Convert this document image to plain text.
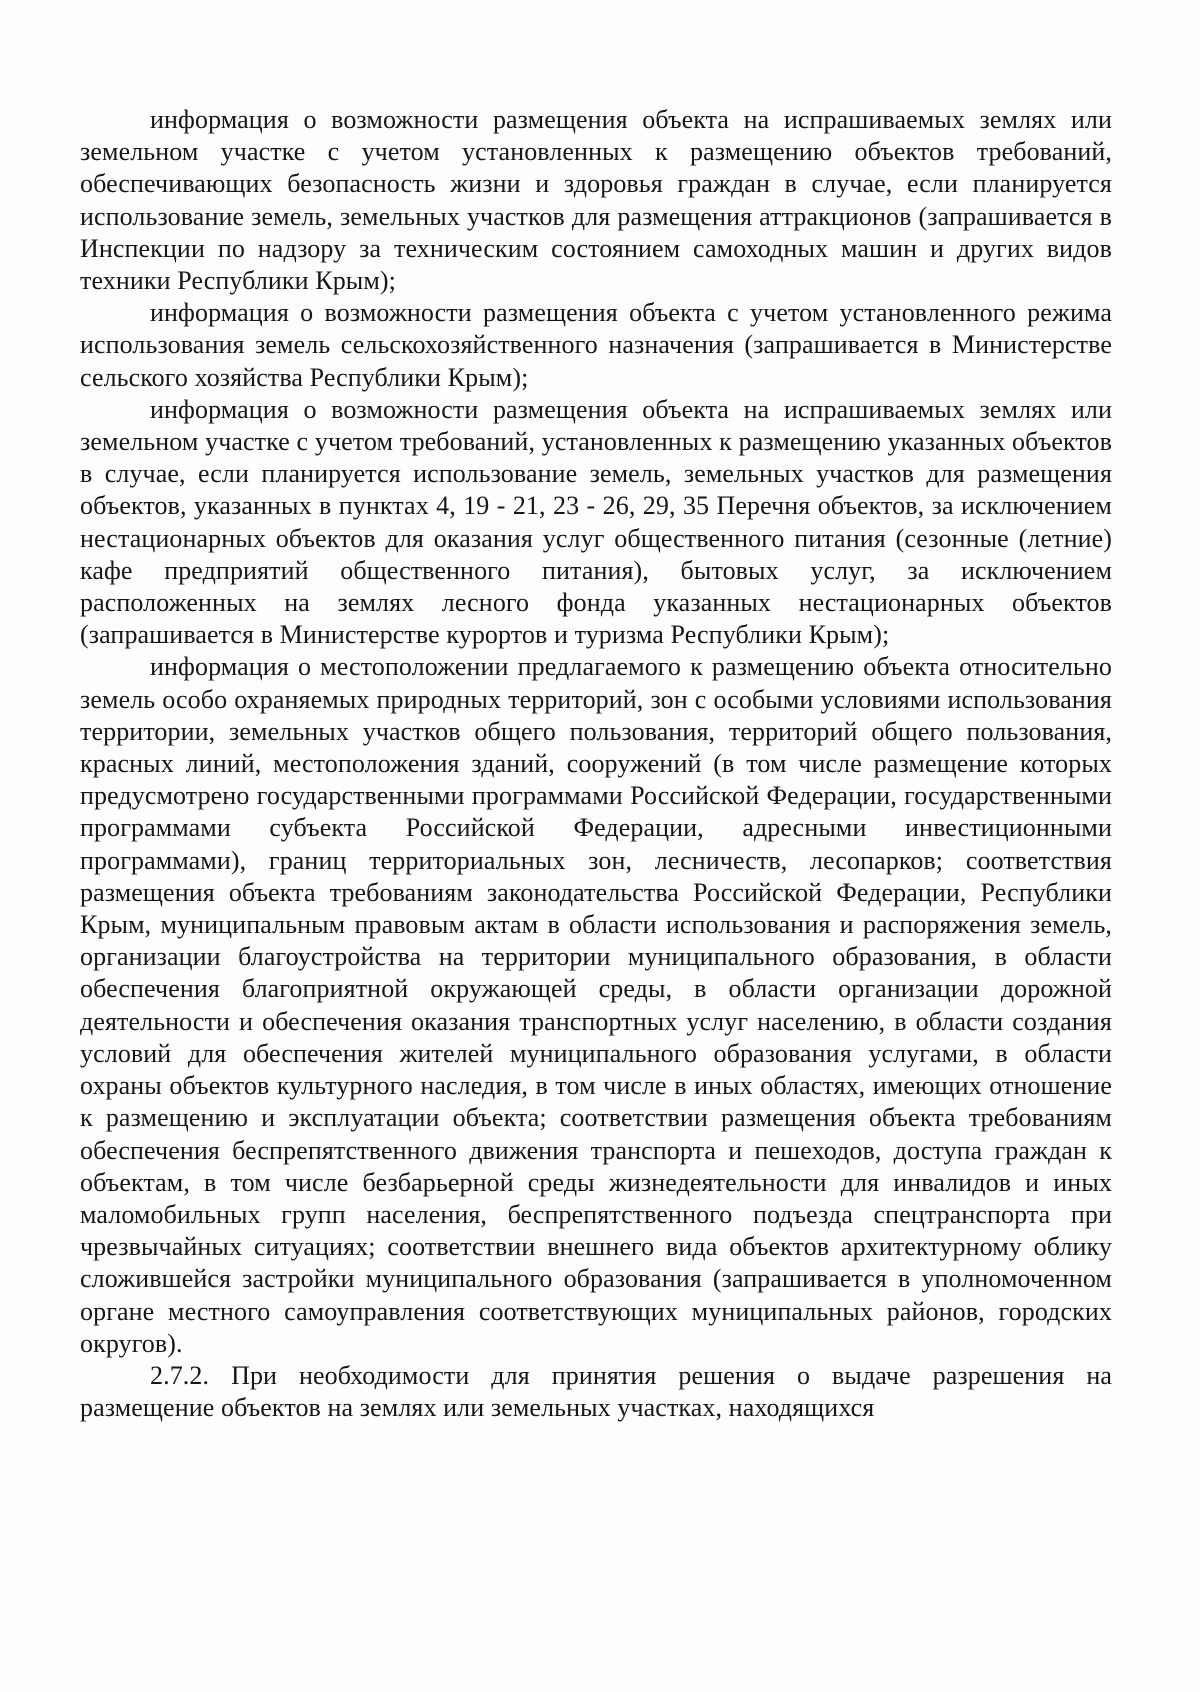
информация о возможности размещения объекта на испрашиваемых землях или земельном участке с учетом установленных к размещению объектов требований, обеспечивающих безопасность жизни и здоровья граждан в случае, если планируется использование земель, земельных участков для размещения аттракционов (запрашивается в Инспекции по надзору за техническим состоянием самоходных машин и других видов техники Республики Крым);

информация о возможности размещения объекта с учетом установленного режима использования земель сельскохозяйственного назначения (запрашивается в Министерстве сельского хозяйства Республики Крым);

информация о возможности размещения объекта на испрашиваемых землях или земельном участке с учетом требований, установленных к размещению указанных объектов в случае, если планируется использование земель, земельных участков для размещения объектов, указанных в пунктах 4, 19 - 21, 23 - 26, 29, 35 Перечня объектов, за исключением нестационарных объектов для оказания услуг общественного питания (сезонные (летние) кафе предприятий общественного питания), бытовых услуг, за исключением расположенных на землях лесного фонда указанных нестационарных объектов (запрашивается в Министерстве курортов и туризма Республики Крым);

информация о местоположении предлагаемого к размещению объекта относительно земель особо охраняемых природных территорий, зон с особыми условиями использования территории, земельных участков общего пользования, территорий общего пользования, красных линий, местоположения зданий, сооружений (в том числе размещение которых предусмотрено государственными программами Российской Федерации, государственными программами субъекта Российской Федерации, адресными инвестиционными программами), границ территориальных зон, лесничеств, лесопарков; соответствия размещения объекта требованиям законодательства Российской Федерации, Республики Крым, муниципальным правовым актам в области использования и распоряжения земель, организации благоустройства на территории муниципального образования, в области обеспечения благоприятной окружающей среды, в области организации дорожной деятельности и обеспечения оказания транспортных услуг населению, в области создания условий для обеспечения жителей муниципального образования услугами, в области охраны объектов культурного наследия, в том числе в иных областях, имеющих отношение к размещению и эксплуатации объекта; соответствии размещения объекта требованиям обеспечения беспрепятственного движения транспорта и пешеходов, доступа граждан к объектам, в том числе безбарьерной среды жизнедеятельности для инвалидов и иных маломобильных групп населения, беспрепятственного подъезда спецтранспорта при чрезвычайных ситуациях; соответствии внешнего вида объектов архитектурному облику сложившейся застройки муниципального образования (запрашивается в уполномоченном органе местного самоуправления соответствующих муниципальных районов, городских округов).

2.7.2. При необходимости для принятия решения о выдаче разрешения на размещение объектов на землях или земельных участках, находящихся
